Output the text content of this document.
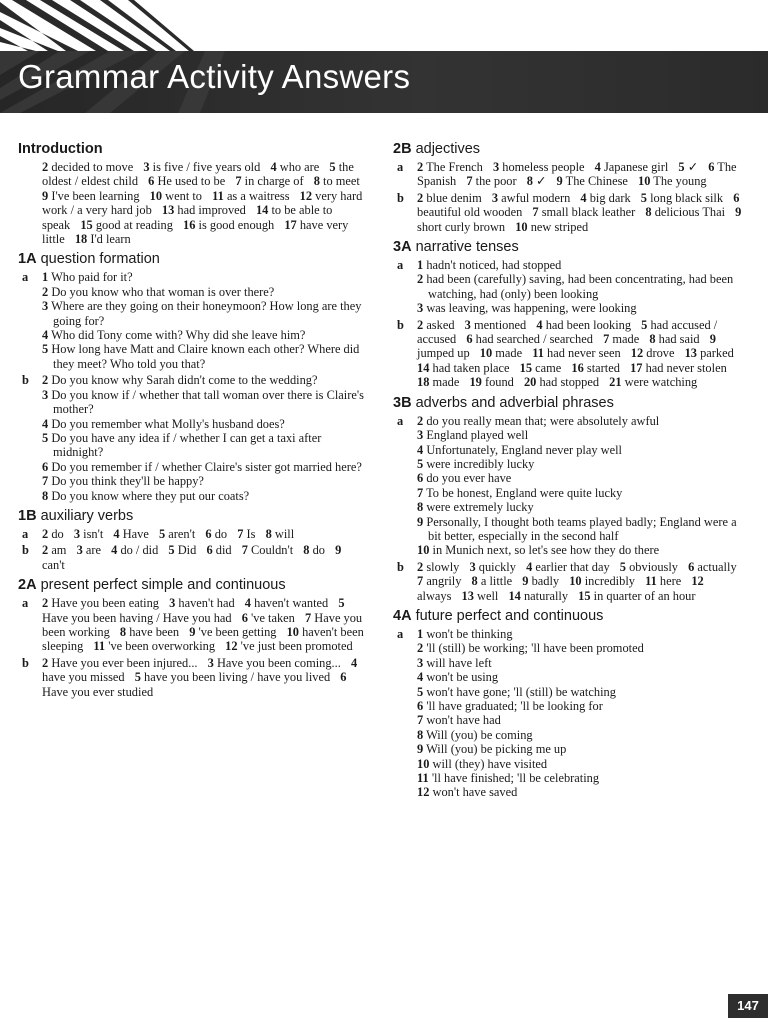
Grammar Activity Answers
Introduction
2 decided to move 3 is five / five years old 4 who are 5 the oldest / eldest child 6 He used to be 7 in charge of 8 to meet 9 I've been learning 10 went to 11 as a waitress 12 very hard work / a very hard job 13 had improved 14 to be able to speak 15 good at reading 16 is good enough 17 have very little 18 I'd learn
1A question formation
a 1 Who paid for it?
2 Do you know who that woman is over there?
3 Where are they going on their honeymoon? How long are they going for?
4 Who did Tony come with? Why did she leave him?
5 How long have Matt and Claire known each other? Where did they meet? Who told you that?
b 2 Do you know why Sarah didn't come to the wedding?
3 Do you know if / whether that tall woman over there is Claire's mother?
4 Do you remember what Molly's husband does?
5 Do you have any idea if / whether I can get a taxi after midnight?
6 Do you remember if / whether Claire's sister got married here?
7 Do you think they'll be happy?
8 Do you know where they put our coats?
1B auxiliary verbs
a 2 do 3 isn't 4 Have 5 aren't 6 do 7 Is 8 will
b 2 am 3 are 4 do / did 5 Did 6 did 7 Couldn't 8 do 9 can't
2A present perfect simple and continuous
a 2 Have you been eating 3 haven't had 4 haven't wanted 5 Have you been having / Have you had 6 've taken 7 Have you been working 8 have been 9 've been getting 10 haven't been sleeping 11 've been overworking 12 've just been promoted
b 2 Have you ever been injured... 3 Have you been coming... 4 have you missed 5 have you been living / have you lived 6 Have you ever studied
2B adjectives
a 2 The French 3 homeless people 4 Japanese girl 5 ✓ 6 The Spanish 7 the poor 8 ✓ 9 The Chinese 10 The young
b 2 blue denim 3 awful modern 4 big dark 5 long black silk 6 beautiful old wooden 7 small black leather 8 delicious Thai 9 short curly brown 10 new striped
3A narrative tenses
a 1 hadn't noticed, had stopped
2 had been (carefully) saving, had been concentrating, had been watching, had (only) been looking
3 was leaving, was happening, were looking
b 2 asked 3 mentioned 4 had been looking 5 had accused / accused 6 had searched / searched 7 made 8 had said 9 jumped up 10 made 11 had never seen 12 drove 13 parked 14 had taken place 15 came 16 started 17 had never stolen 18 made 19 found 20 had stopped 21 were watching
3B adverbs and adverbial phrases
a 2 do you really mean that; were absolutely awful
3 England played well
4 Unfortunately, England never play well
5 were incredibly lucky
6 do you ever have
7 To be honest, England were quite lucky
8 were extremely lucky
9 Personally, I thought both teams played badly; England were a bit better, especially in the second half
10 in Munich next, so let's see how they do there
b 2 slowly 3 quickly 4 earlier that day 5 obviously 6 actually 7 angrily 8 a little 9 badly 10 incredibly 11 here 12 always 13 well 14 naturally 15 in quarter of an hour
4A future perfect and continuous
a 1 won't be thinking
2 'll (still) be working; 'll have been promoted
3 will have left
4 won't be using
5 won't have gone; 'll (still) be watching
6 'll have graduated; 'll be looking for
7 won't have had
8 Will (you) be coming
9 Will (you) be picking me up
10 will (they) have visited
11 'll have finished; 'll be celebrating
12 won't have saved
147
